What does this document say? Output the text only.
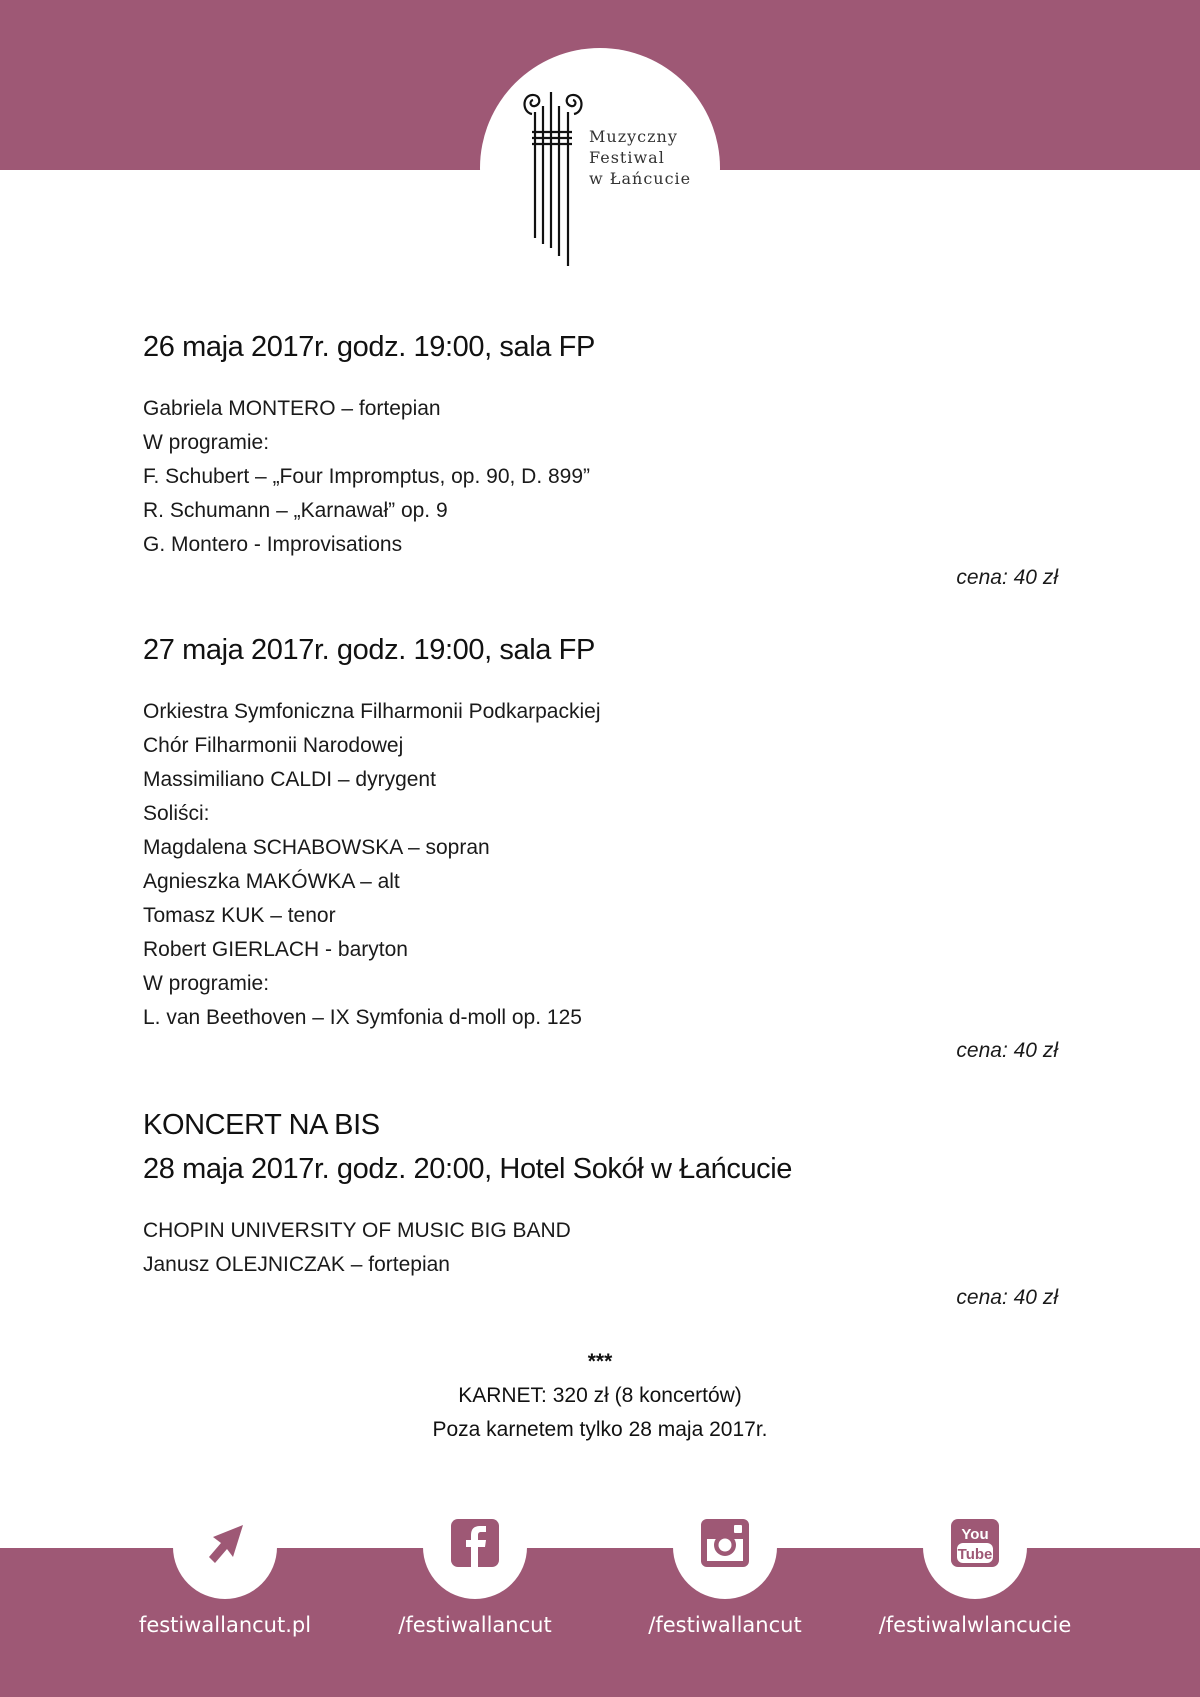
Muzyczny
Festiwal
w Łańcucie
26 maja 2017r. godz. 19:00, sala FP

Gabriela MONTERO – fortepian

W programie:

F. Schubert – „Four Impromptus, op. 90, D. 899”

R. Schumann – „Karnawał” op. 9

G. Montero - Improvisations

cena: 40 zł
27 maja 2017r. godz. 19:00, sala FP

Orkiestra Symfoniczna Filharmonii Podkarpackiej

Chór Filharmonii Narodowej

Massimiliano CALDI – dyrygent

Soliści:

Magdalena SCHABOWSKA – sopran

Agnieszka MAKÓWKA – alt

Tomasz KUK – tenor

Robert GIERLACH - baryton

W programie:

L. van Beethoven – IX Symfonia d-moll op. 125

cena: 40 zł
KONCERT NA BIS
28 maja 2017r. godz. 20:00, Hotel Sokół w Łańcucie

CHOPIN UNIVERSITY OF MUSIC BIG BAND

Janusz OLEJNICZAK – fortepian

cena: 40 zł
***
KARNET: 320 zł (8 koncertów)
Poza karnetem tylko 28 maja 2017r.
festiwallancut.pl	/festiwallancut	/festiwallancut
You
Tube
/festiwalwlancucie
